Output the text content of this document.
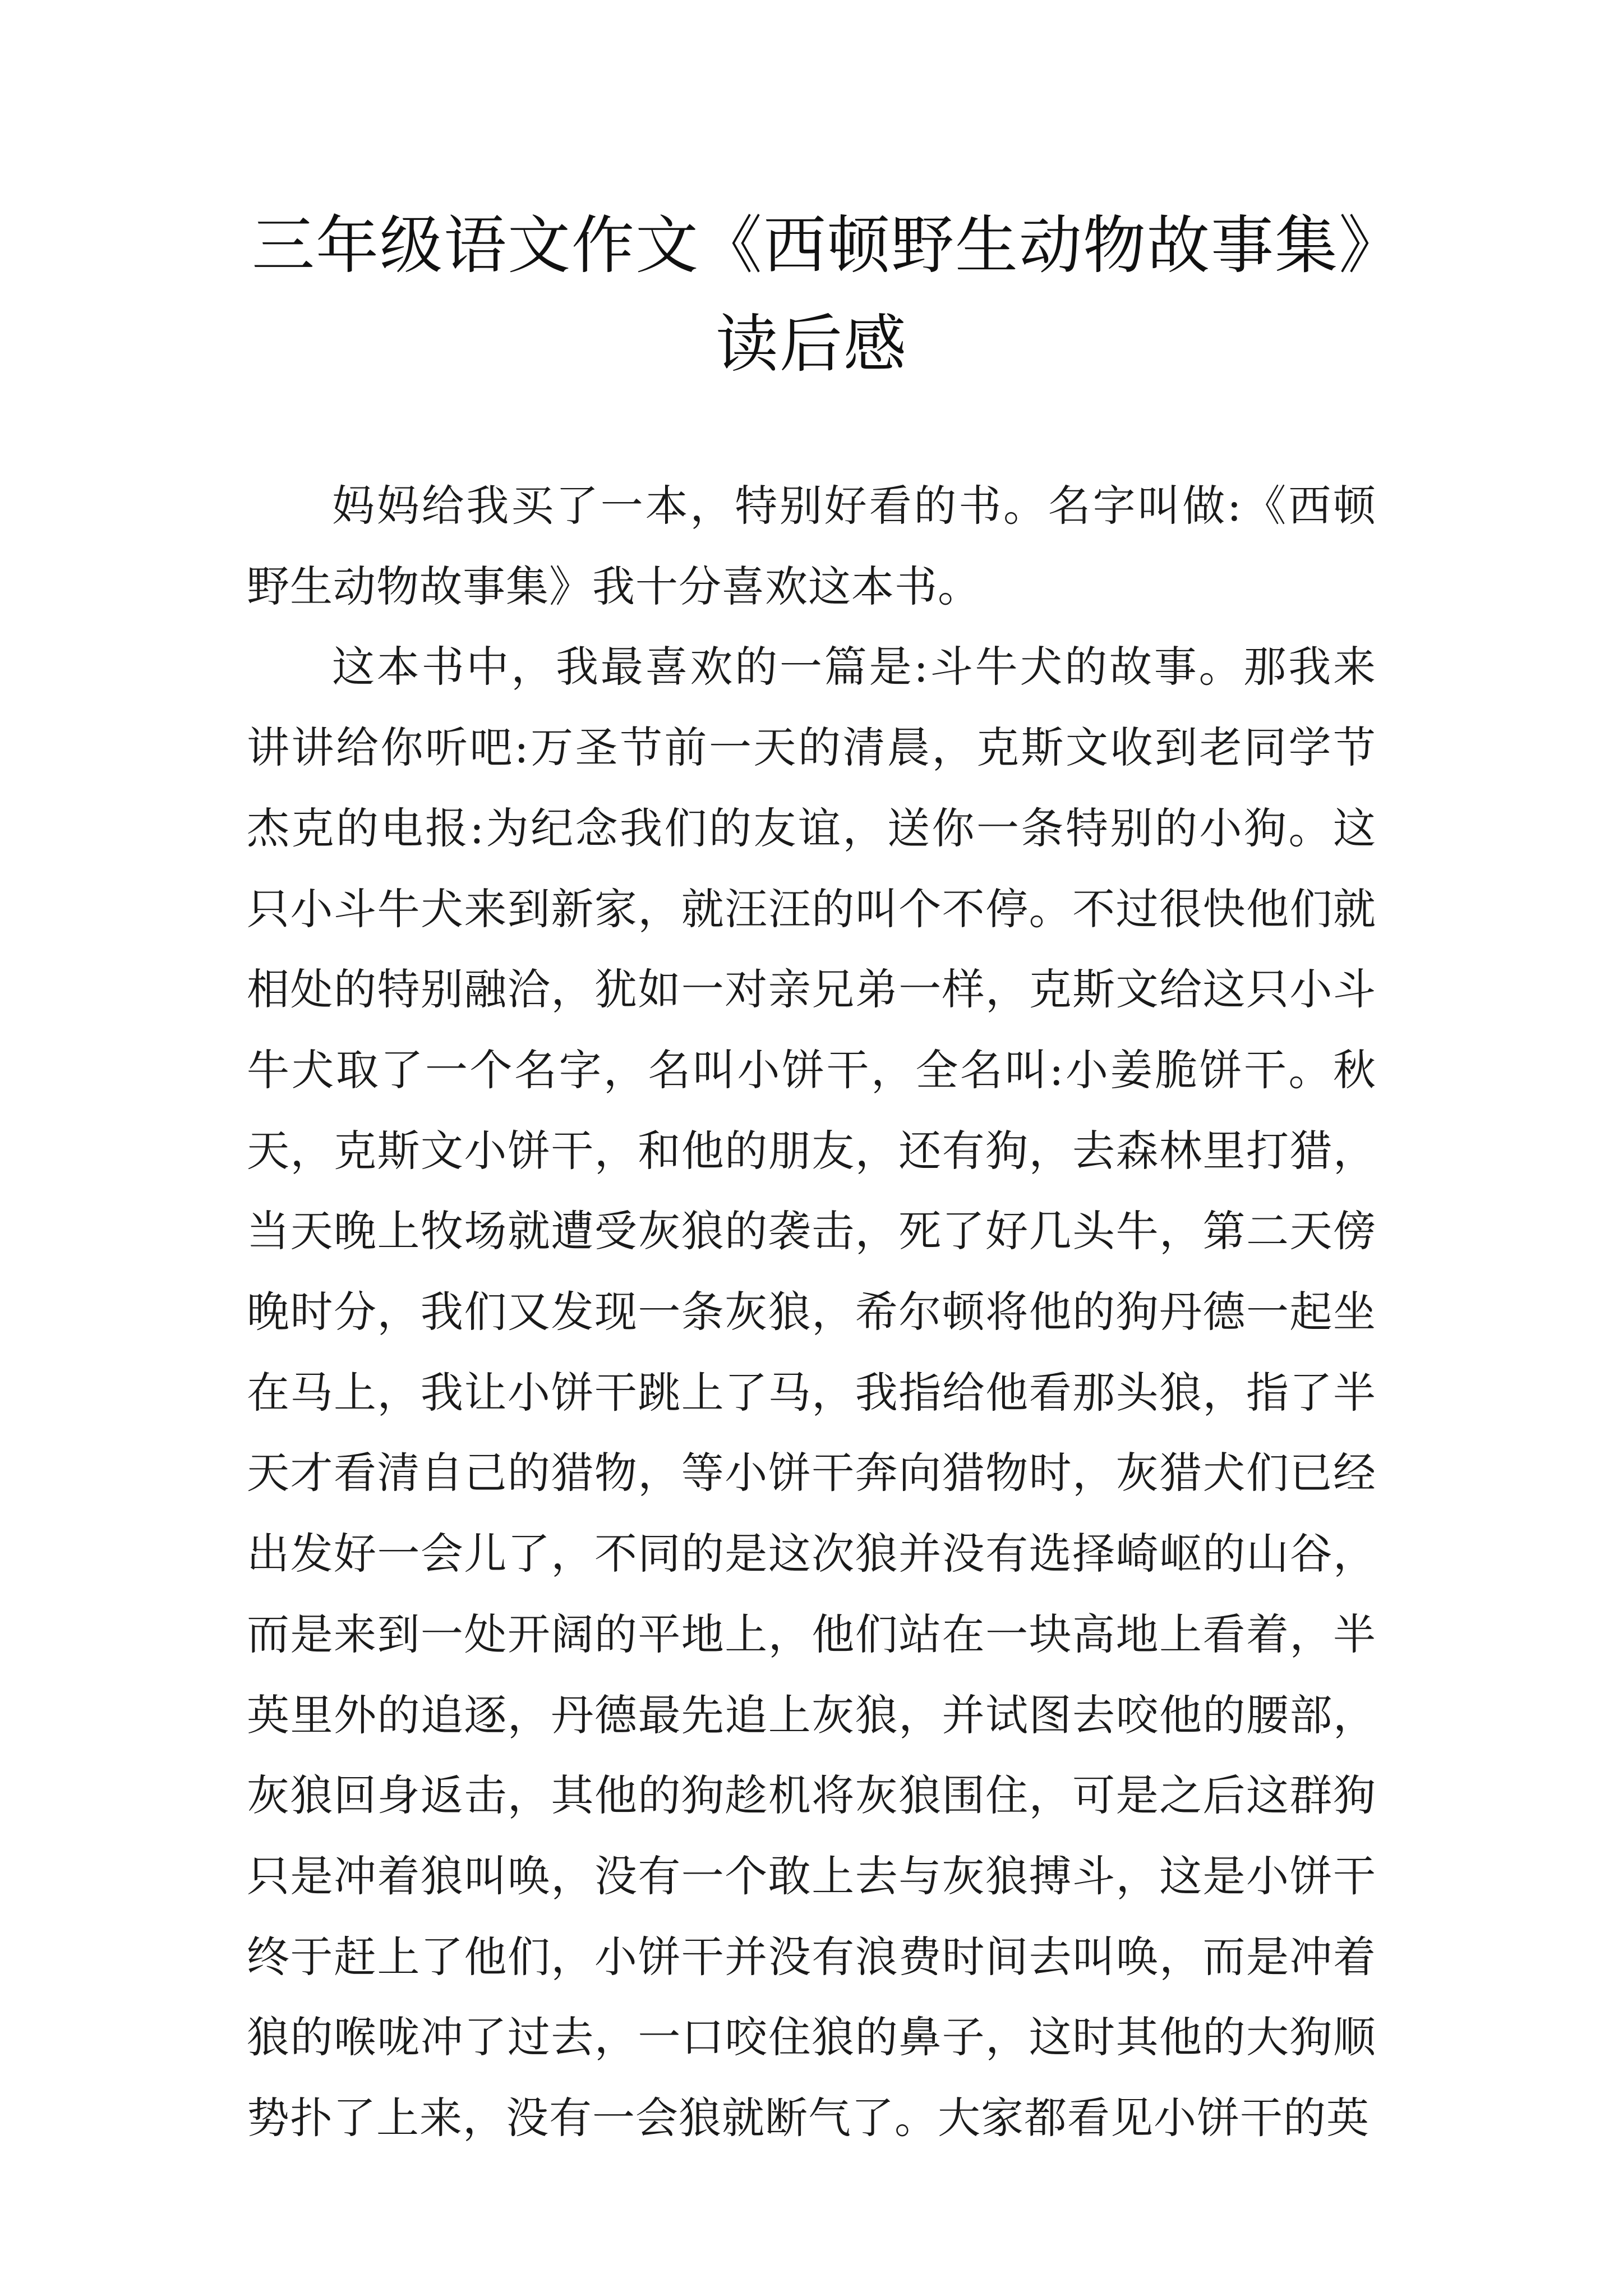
三年级语文作文《西顿野生动物故事集》读后感

妈妈给我买了一本，特别好看的书。名字叫做:《西顿野生动物故事集》我十分喜欢这本书。

这本书中，我最喜欢的一篇是:斗牛犬的故事。那我来讲讲给你听吧:万圣节前一天的清晨，克斯文收到老同学节杰克的电报:为纪念我们的友谊，送你一条特别的小狗。这只小斗牛犬来到新家，就汪汪的叫个不停。不过很快他们就相处的特别融洽，犹如一对亲兄弟一样，克斯文给这只小斗牛犬取了一个名字，名叫小饼干，全名叫:小姜脆饼干。秋天，克斯文小饼干，和他的朋友，还有狗，去森林里打猎，当天晚上牧场就遭受灰狼的袭击，死了好几头牛，第二天傍晚时分，我们又发现一条灰狼，希尔顿将他的狗丹德一起坐在马上，我让小饼干跳上了马，我指给他看那头狼，指了半天才看清自己的猎物，等小饼干奔向猎物时，灰猎犬们已经出发好一会儿了，不同的是这次狼并没有选择崎岖的山谷，而是来到一处开阔的平地上，他们站在一块高地上看着，半英里外的追逐，丹德最先追上灰狼，并试图去咬他的腰部，灰狼回身返击，其他的狗趁机将灰狼围住，可是之后这群狗只是冲着狼叫唤，没有一个敢上去与灰狼搏斗，这是小饼干终于赶上了他们，小饼干并没有浪费时间去叫唤，而是冲着狼的喉咙冲了过去，一口咬住狼的鼻子，这时其他的大狗顺势扑了上来，没有一会狼就断气了。大家都看见小饼干的英
